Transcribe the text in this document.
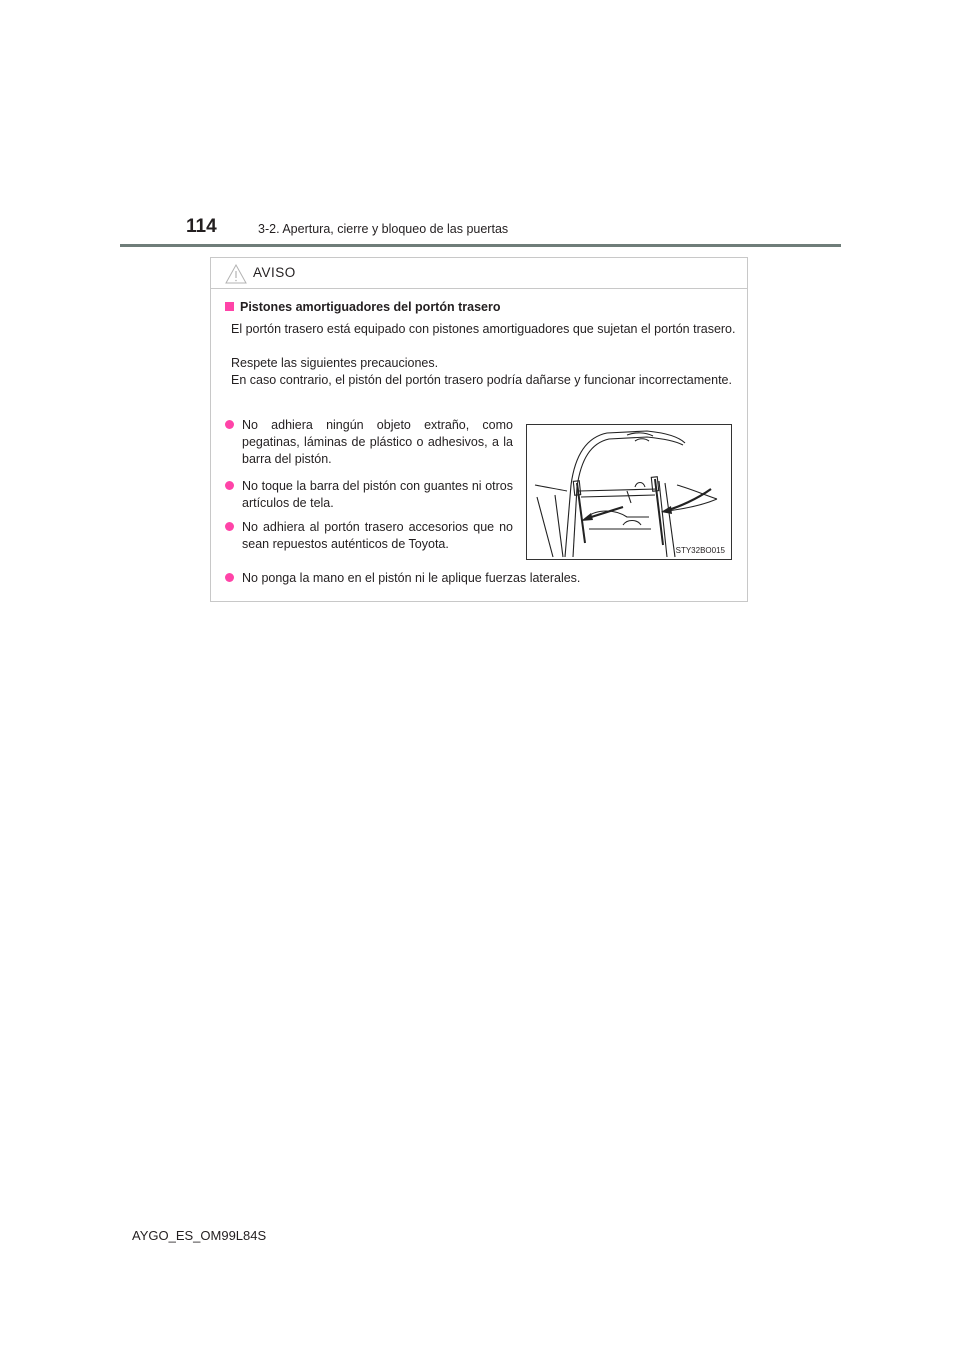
114	3-2. Apertura, cierre y bloqueo de las puertas
AVISO
Pistones amortiguadores del portón trasero

El portón trasero está equipado con pistones amortiguadores que sujetan el portón trasero.

Respete las siguientes precauciones.

En caso contrario, el pistón del portón trasero podría dañarse y funcionar incorrectamente.

No adhiera ningún objeto extraño, como pegatinas, láminas de plástico o adhesivos, a la barra del pistón.
No toque la barra del pistón con guantes ni otros artículos de tela.
No adhiera al portón trasero accesorios que no sean repuestos auténticos de Toyota.
No ponga la mano en el pistón ni le aplique fuerzas laterales.
STY32BO015
AYGO_ES_OM99L84S
